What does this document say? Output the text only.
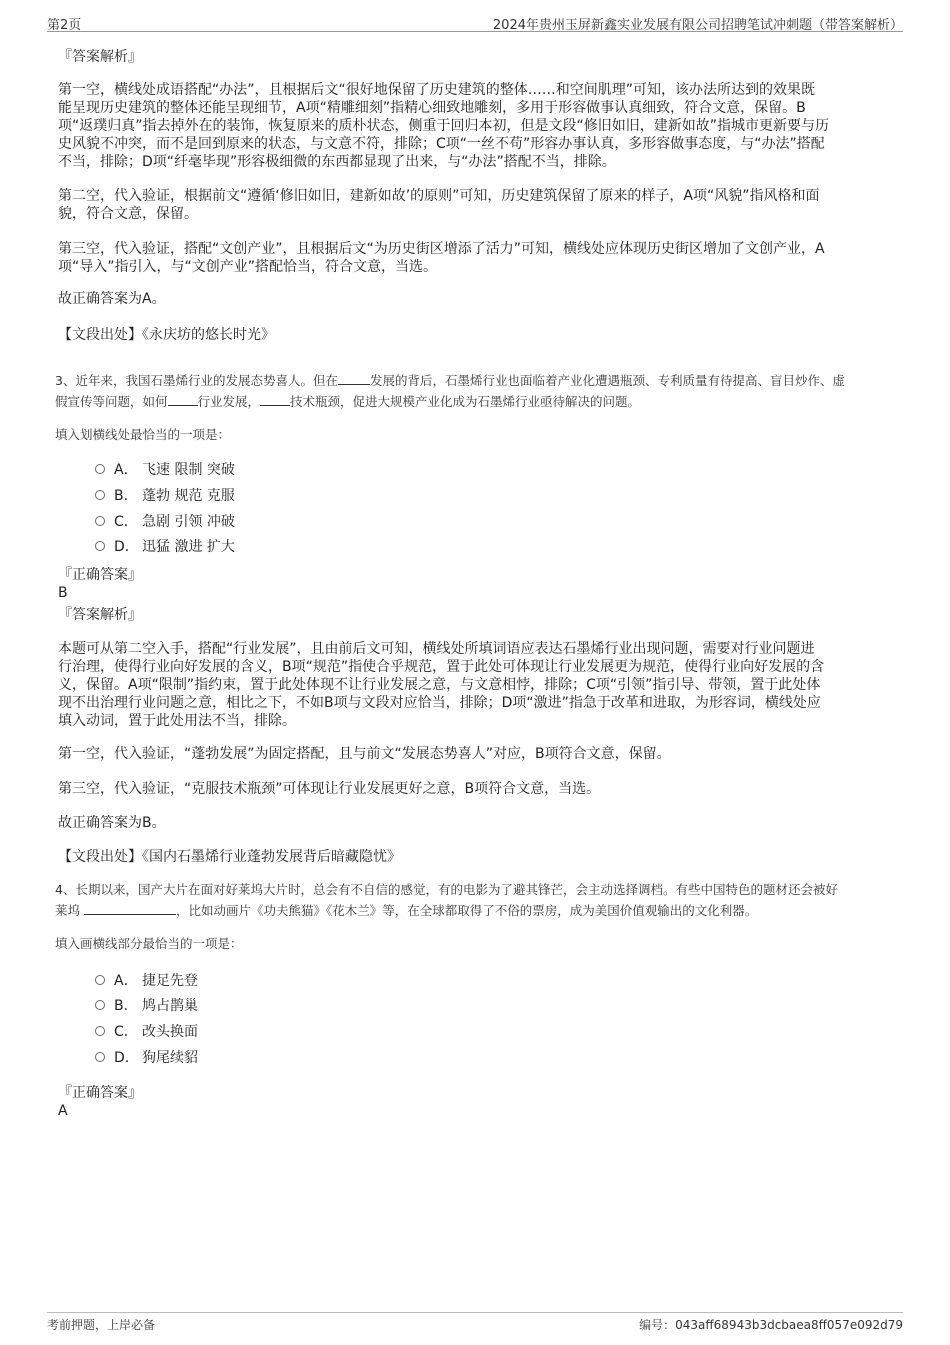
第2页	2024年贵州玉屏新鑫实业发展有限公司招聘笔试冲刺题（带答案解析）
『答案解析』
第一空，横线处成语搭配“办法”，且根据后文“很好地保留了历史建筑的整体……和空间肌理”可知，该办法所达到的效果既
能呈现历史建筑的整体还能呈现细节，A项“精雕细刻”指精心细致地雕刻，多用于形容做事认真细致，符合文意，保留。B
项“返璞归真”指去掉外在的装饰，恢复原来的质朴状态，侧重于回归本初，但是文段“修旧如旧，建新如故”指城市更新要与历
史风貌不冲突，而不是回到原来的状态，与文意不符，排除；C项“一丝不苟”形容办事认真，多形容做事态度，与“办法”搭配
不当，排除；D项“纤毫毕现”形容极细微的东西都显现了出来，与“办法”搭配不当，排除。
第二空，代入验证，根据前文“遵循‘修旧如旧，建新如故’的原则”可知，历史建筑保留了原来的样子，A项“风貌”指风格和面
貌，符合文意，保留。
第三空，代入验证，搭配“文创产业”，且根据后文“为历史街区增添了活力”可知，横线处应体现历史街区增加了文创产业，A
项“导入”指引入，与“文创产业”搭配恰当，符合文意，当选。
故正确答案为A。
【文段出处】《永庆坊的悠长时光》
3、近年来，我国石墨烯行业的发展态势喜人。但在	发展的背后，石墨烯行业也面临着产业化遭遇瓶颈、专利质量有待提高、盲目炒作、虚
假宣传等问题，如何 行业发展， 技术瓶颈，促进大规模产业化成为石墨烯行业亟待解决的问题。
填入划横线处最恰当的一项是：
A． 飞速 限制 突破
B． 蓬勃 规范 克服
C． 急剧 引领 冲破
D． 迅猛 激进 扩大
『正确答案』
B
『答案解析』
本题可从第二空入手，搭配“行业发展”，且由前后文可知，横线处所填词语应表达石墨烯行业出现问题，需要对行业问题进
行治理，使得行业向好发展的含义，B项“规范”指使合乎规范，置于此处可体现让行业发展更为规范，使得行业向好发展的含
义，保留。A项“限制”指约束，置于此处体现不让行业发展之意，与文意相悖，排除；C项“引领”指引导、带领，置于此处体
现不出治理行业问题之意，相比之下，不如B项与文段对应恰当，排除；D项“激进”指急于改革和进取，为形容词，横线处应
填入动词，置于此处用法不当，排除。
第一空，代入验证，“蓬勃发展”为固定搭配，且与前文“发展态势喜人”对应，B项符合文意，保留。
第三空，代入验证，“克服技术瓶颈”可体现让行业发展更好之意，B项符合文意，当选。
故正确答案为B。
【文段出处】《国内石墨烯行业蓬勃发展背后暗藏隐忧》
4、长期以来，国产大片在面对好莱坞大片时，总会有不自信的感觉，有的电影为了避其锋芒，会主动选择调档。有些中国特色的题材还会被好
莱坞	，比如动画片《功夫熊猫》《花木兰》等，在全球都取得了不俗的票房，成为美国价值观输出的文化利器。
填入画横线部分最恰当的一项是：
A． 捷足先登
B． 鸠占鹊巢
C． 改头换面
D． 狗尾续貂
『正确答案』
A
考前押题，上岸必备	编号：043aff68943b3dcbaea8ff057e092d79
